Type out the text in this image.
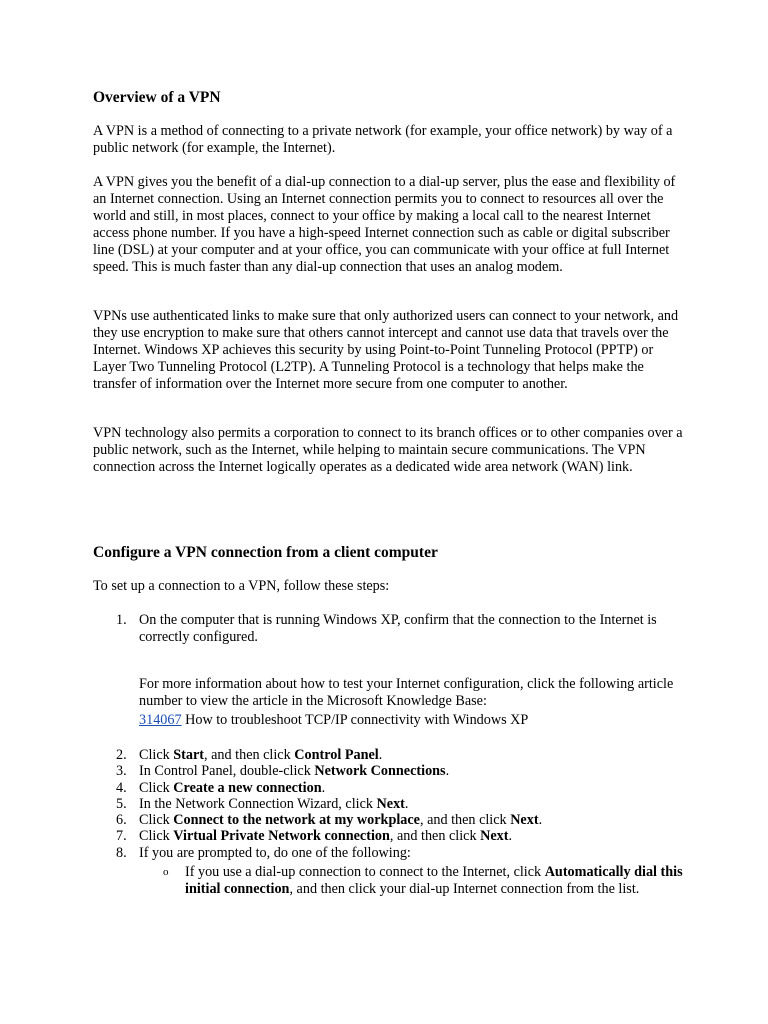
Overview of a VPN

A VPN is a method of connecting to a private network (for example, your office network) by way of a public network (for example, the Internet).

A VPN gives you the benefit of a dial-up connection to a dial-up server, plus the ease and flexibility of an Internet connection. Using an Internet connection permits you to connect to resources all over the world and still, in most places, connect to your office by making a local call to the nearest Internet access phone number. If you have a high-speed Internet connection such as cable or digital subscriber line (DSL) at your computer and at your office, you can communicate with your office at full Internet speed. This is much faster than any dial-up connection that uses an analog modem.

VPNs use authenticated links to make sure that only authorized users can connect to your network, and they use encryption to make sure that others cannot intercept and cannot use data that travels over the Internet. Windows XP achieves this security by using Point-to-Point Tunneling Protocol (PPTP) or Layer Two Tunneling Protocol (L2TP). A Tunneling Protocol is a technology that helps make the transfer of information over the Internet more secure from one computer to another.

VPN technology also permits a corporation to connect to its branch offices or to other companies over a public network, such as the Internet, while helping to maintain secure communications. The VPN connection across the Internet logically operates as a dedicated wide area network (WAN) link.

Configure a VPN connection from a client computer

To set up a connection to a VPN, follow these steps:

1. On the computer that is running Windows XP, confirm that the connection to the Internet is correctly configured.

For more information about how to test your Internet configuration, click the following article number to view the article in the Microsoft Knowledge Base:

314067 How to troubleshoot TCP/IP connectivity with Windows XP
2. Click Start, and then click Control Panel.
3. In Control Panel, double-click Network Connections.
4. Click Create a new connection.
5. In the Network Connection Wizard, click Next.
6. Click Connect to the network at my workplace, and then click Next.
7. Click Virtual Private Network connection, and then click Next.
8. If you are prompted to, do one of the following:
o If you use a dial-up connection to connect to the Internet, click Automatically dial this initial connection, and then click your dial-up Internet connection from the list.
